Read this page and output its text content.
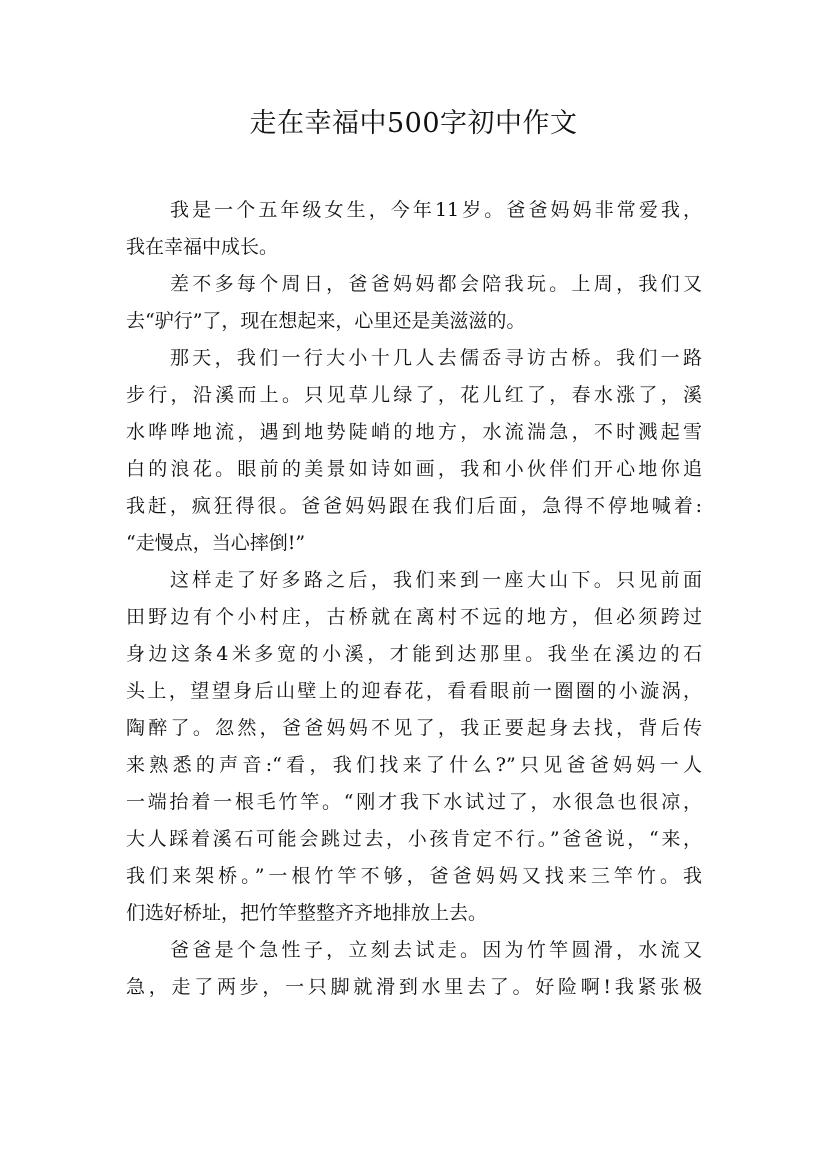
走在幸福中500字初中作文
我是一个五年级女生，今年11岁。爸爸妈妈非常爱我，
我在幸福中成长。
差不多每个周日，爸爸妈妈都会陪我玩。上周，我们又
去“驴行”了，现在想起来，心里还是美滋滋的。
那天，我们一行大小十几人去儒岙寻访古桥。我们一路
步行，沿溪而上。只见草儿绿了，花儿红了，春水涨了，溪
水哗哗地流，遇到地势陡峭的地方，水流湍急，不时溅起雪
白的浪花。眼前的美景如诗如画，我和小伙伴们开心地你追
我赶，疯狂得很。爸爸妈妈跟在我们后面，急得不停地喊着:
“走慢点，当心摔倒!”
这样走了好多路之后，我们来到一座大山下。只见前面
田野边有个小村庄，古桥就在离村不远的地方，但必须跨过
身边这条4米多宽的小溪，才能到达那里。我坐在溪边的石
头上，望望身后山壁上的迎春花，看看眼前一圈圈的小漩涡，
陶醉了。忽然，爸爸妈妈不见了，我正要起身去找，背后传
来熟悉的声音:“看，我们找来了什么?”只见爸爸妈妈一人
一端抬着一根毛竹竿。“刚才我下水试过了，水很急也很凉，
大人踩着溪石可能会跳过去，小孩肯定不行。”爸爸说，“来，
我们来架桥。”一根竹竿不够，爸爸妈妈又找来三竿竹。我
们选好桥址，把竹竿整整齐齐地排放上去。
爸爸是个急性子，立刻去试走。因为竹竿圆滑，水流又
急，走了两步，一只脚就滑到水里去了。好险啊!我紧张极
